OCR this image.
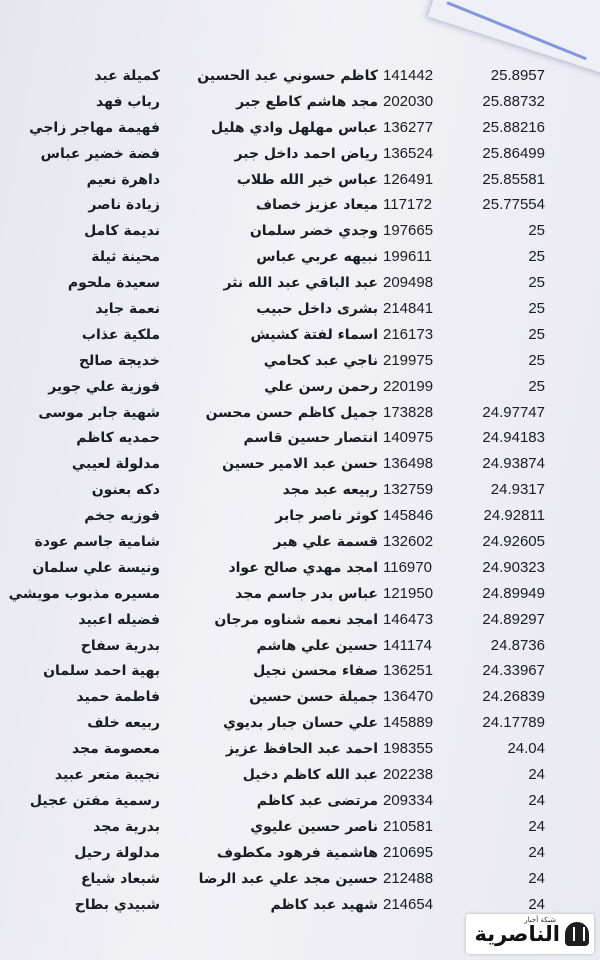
25.8957
141442
كاظم حسوني عبد الحسين
كميلة عبد
25.88732
202030
مجد هاشم كاطع جبر
رباب فهد
25.88216
136277
عباس مهلهل وادي هليل
فهيمة مهاجر زاجي
25.86499
136524
رياض احمد داخل جبر
فضة خضير عباس
25.85581
126491
عباس خير الله طلاب
داهرة نعيم
25.77554
117172
ميعاد عزيز خصاف
زيادة ناصر
25
197665
وجدي خضر سلمان
نديمة كامل
25
199611
نبيهه عربي عباس
محينة ثيلة
25
209498
عبد الباقي عبد الله نثر
سعيدة ملحوم
25
214841
بشرى داخل حبيب
نعمة جايد
25
216173
اسماء لفتة كشيش
ملكية عذاب
25
219975
ناجي عبد كحامي
خديجة صالح
25
220199
رحمن رسن علي
فوزية علي جوير
24.97747
173828
جميل كاظم حسن محسن
شهية جابر موسى
24.94183
140975
انتصار حسين قاسم
حمديه كاظم
24.93874
136498
حسن عبد الامير حسين
مدلولة لعيبي
24.9317
132759
ربيعه عبد مجد
دكه بعنون
24.92811
145846
كوثر ناصر جابر
فوزيه جخم
24.92605
132602
قسمة علي هبر
شامية جاسم عودة
24.90323
116970
امجد مهدي صالح عواد
ونيسة علي سلمان
24.89949
121950
عباس بدر جاسم مجد
مسيره مذبوب مويشي
24.89297
146473
امجد نعمه شناوه مرجان
فضيله اعبيد
24.8736
141174
حسين علي هاشم
بدرية سفاح
24.33967
136251
صفاء محسن نجيل
بهية احمد سلمان
24.26839
136470
جميلة حسن حسين
فاطمة حميد
24.17789
145889
علي حسان جبار بديوي
ربيعه خلف
24.04
198355
احمد عبد الحافظ عزيز
معصومة مجد
24
202238
عبد الله كاظم دخيل
نجيبة متعر عبيد
24
209334
مرتضى عبد كاظم
رسمية مفتن عجيل
24
210581
ناصر حسين عليوي
بدرية مجد
24
210695
هاشمية فرهود مكطوف
مدلولة رحيل
24
212488
حسين مجد علي عبد الرضا
شبعاد شياع
24
214654
شهيد عبد كاظم
شبيدي بطاح
شبكة أخبار
الناصرية
